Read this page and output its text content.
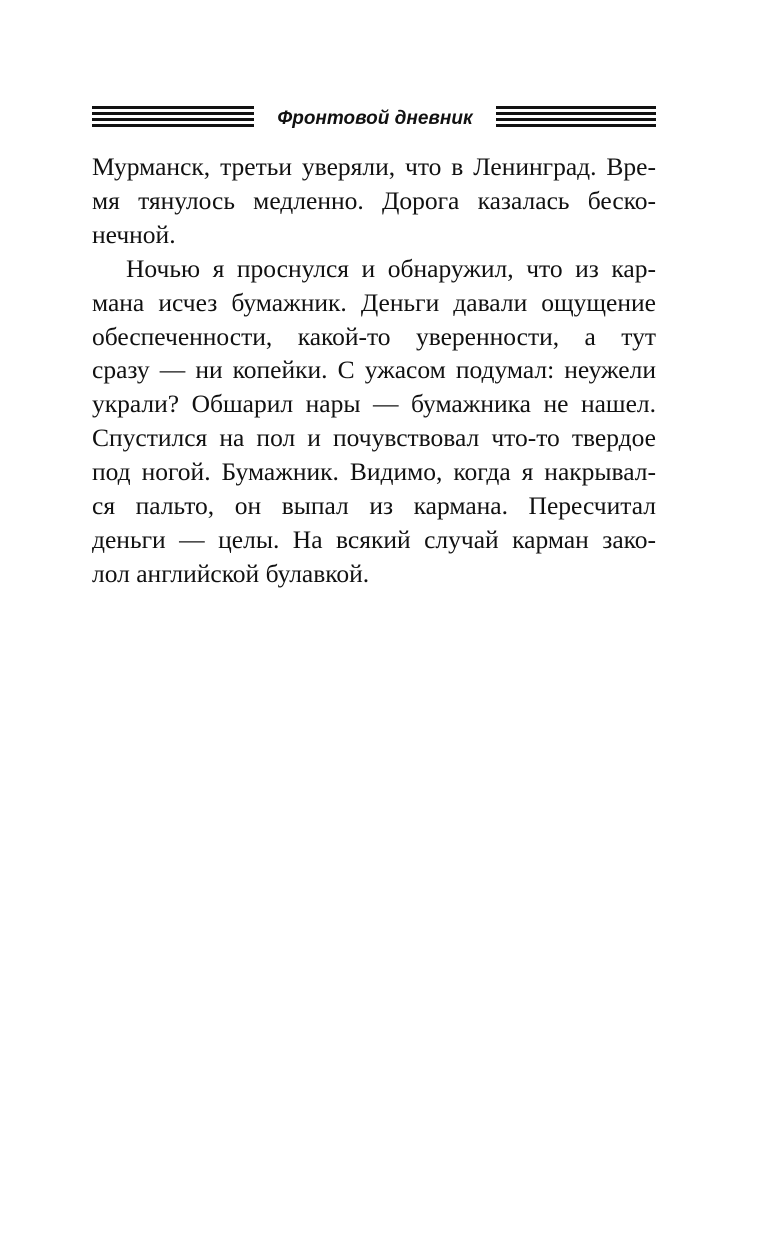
Фронтовой дневник
Мурманск, третьи уверяли, что в Ленинград. Вре-
мя тянулось медленно. Дорога казалась беско-
нечной.
Ночью я проснулся и обнаружил, что из кар-
мана исчез бумажник. Деньги давали ощущение
обеспеченности, какой-то уверенности, а тут
сразу — ни копейки. С ужасом подумал: неужели
украли? Обшарил нары — бумажника не нашел.
Спустился на пол и почувствовал что-то твердое
под ногой. Бумажник. Видимо, когда я накрывал-
ся пальто, он выпал из кармана. Пересчитал
деньги — целы. На всякий случай карман зако-
лол английской булавкой.
